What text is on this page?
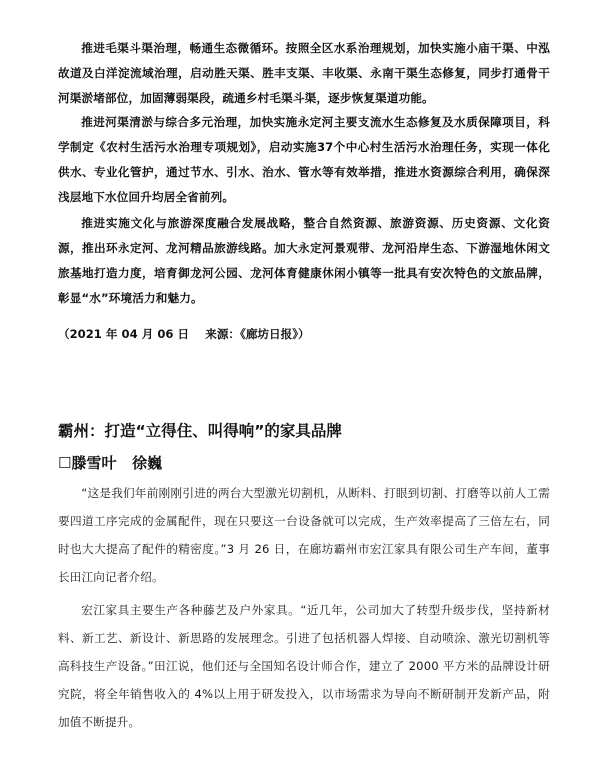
推进毛渠斗渠治理，畅通生态微循环。按照全区水系治理规划，加快实施小庙干渠、中泓故道及白洋淀流域治理，启动胜天渠、胜丰支渠、丰收渠、永南干渠生态修复，同步打通骨干河渠淤堵部位，加固薄弱渠段，疏通乡村毛渠斗渠，逐步恢复渠道功能。

推进河渠清淤与综合多元治理，加快实施永定河主要支流水生态修复及水质保障项目，科学制定《农村生活污水治理专项规划》，启动实施37个中心村生活污水治理任务，实现一体化供水、专业化管护，通过节水、引水、治水、管水等有效举措，推进水资源综合利用，确保深浅层地下水位回升均居全省前列。

推进实施文化与旅游深度融合发展战略，整合自然资源、旅游资源、历史资源、文化资源，推出环永定河、龙河精品旅游线路。加大永定河景观带、龙河沿岸生态、下游湿地休闲文旅基地打造力度，培育御龙河公园、龙河体育健康休闲小镇等一批具有安次特色的文旅品牌，彰显“水”环境活力和魅力。

（2021 年 04 月 06 日    来源：《廊坊日报》）

霸州：打造“立得住、叫得响”的家具品牌

☐滕雪叶   徐巍

“这是我们年前刚刚引进的两台大型激光切割机，从断料、打眼到切割、打磨等以前人工需要四道工序完成的金属配件，现在只要这一台设备就可以完成，生产效率提高了三倍左右，同时也大大提高了配件的精密度。”3 月 26 日，在廊坊霸州市宏江家具有限公司生产车间，董事长田江向记者介绍。

宏江家具主要生产各种藤艺及户外家具。“近几年，公司加大了转型升级步伐，坚持新材料、新工艺、新设计、新思路的发展理念。引进了包括机器人焊接、自动喷涂、激光切割机等高科技生产设备。”田江说，他们还与全国知名设计师合作，建立了 2000 平方米的品牌设计研究院，将全年销售收入的 4%以上用于研发投入，以市场需求为导向不断研制开发新产品，附加值不断提升。
